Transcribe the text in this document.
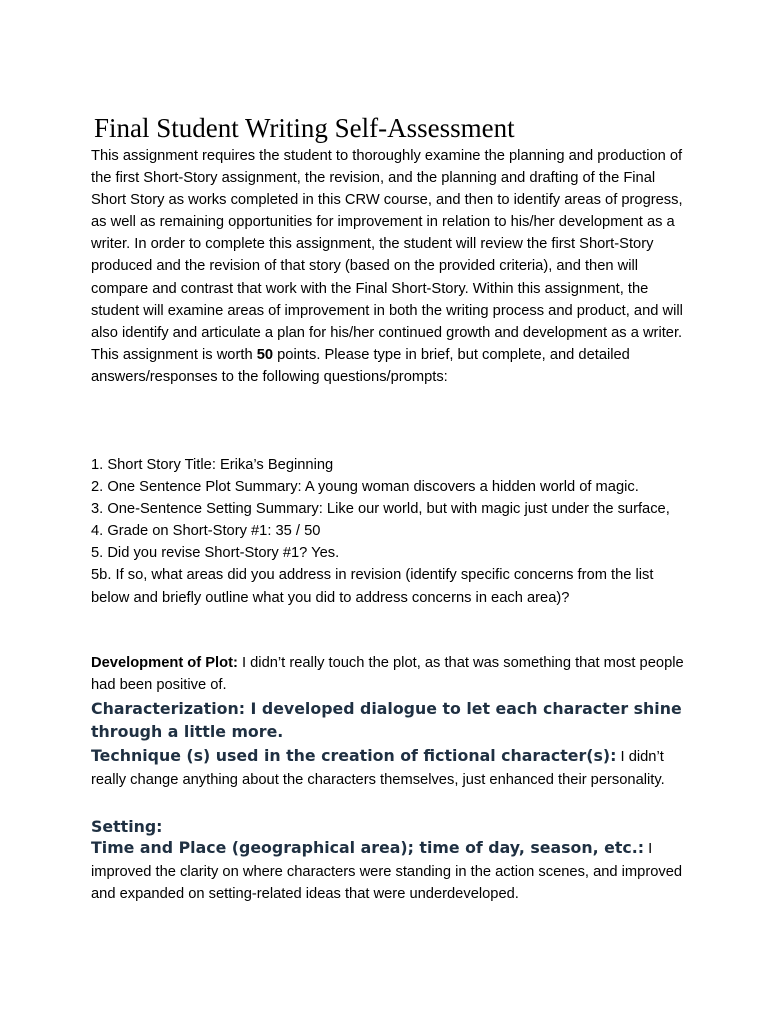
Final Student Writing Self-Assessment

This assignment requires the student to thoroughly examine the planning and production of the first Short-Story assignment, the revision, and the planning and drafting of the Final Short Story as works completed in this CRW course, and then to identify areas of progress, as well as remaining opportunities for improvement in relation to his/her development as a writer. In order to complete this assignment, the student will review the first Short-Story produced and the revision of that story (based on the provided criteria), and then will compare and contrast that work with the Final Short-Story. Within this assignment, the student will examine areas of improvement in both the writing process and product, and will also identify and articulate a plan for his/her continued growth and development as a writer. This assignment is worth 50 points. Please type in brief, but complete, and detailed answers/responses to the following questions/prompts:

1. Short Story Title: Erika’s Beginning

2. One Sentence Plot Summary: A young woman discovers a hidden world of magic.

3. One-Sentence Setting Summary: Like our world, but with magic just under the surface,

4. Grade on Short-Story #1: 35 / 50

5. Did you revise Short-Story #1? Yes.

5b. If so, what areas did you address in revision (identify specific concerns from the list below and briefly outline what you did to address concerns in each area)?

Development of Plot: I didn’t really touch the plot, as that was something that most people had been positive of.

Characterization: I developed dialogue to let each character shine through a little more.

Technique (s) used in the creation of fictional character(s): I didn’t really change anything about the characters themselves, just enhanced their personality.

Setting:

Time and Place (geographical area); time of day, season, etc.: I improved the clarity on where characters were standing in the action scenes, and improved and expanded on setting-related ideas that were underdeveloped.
